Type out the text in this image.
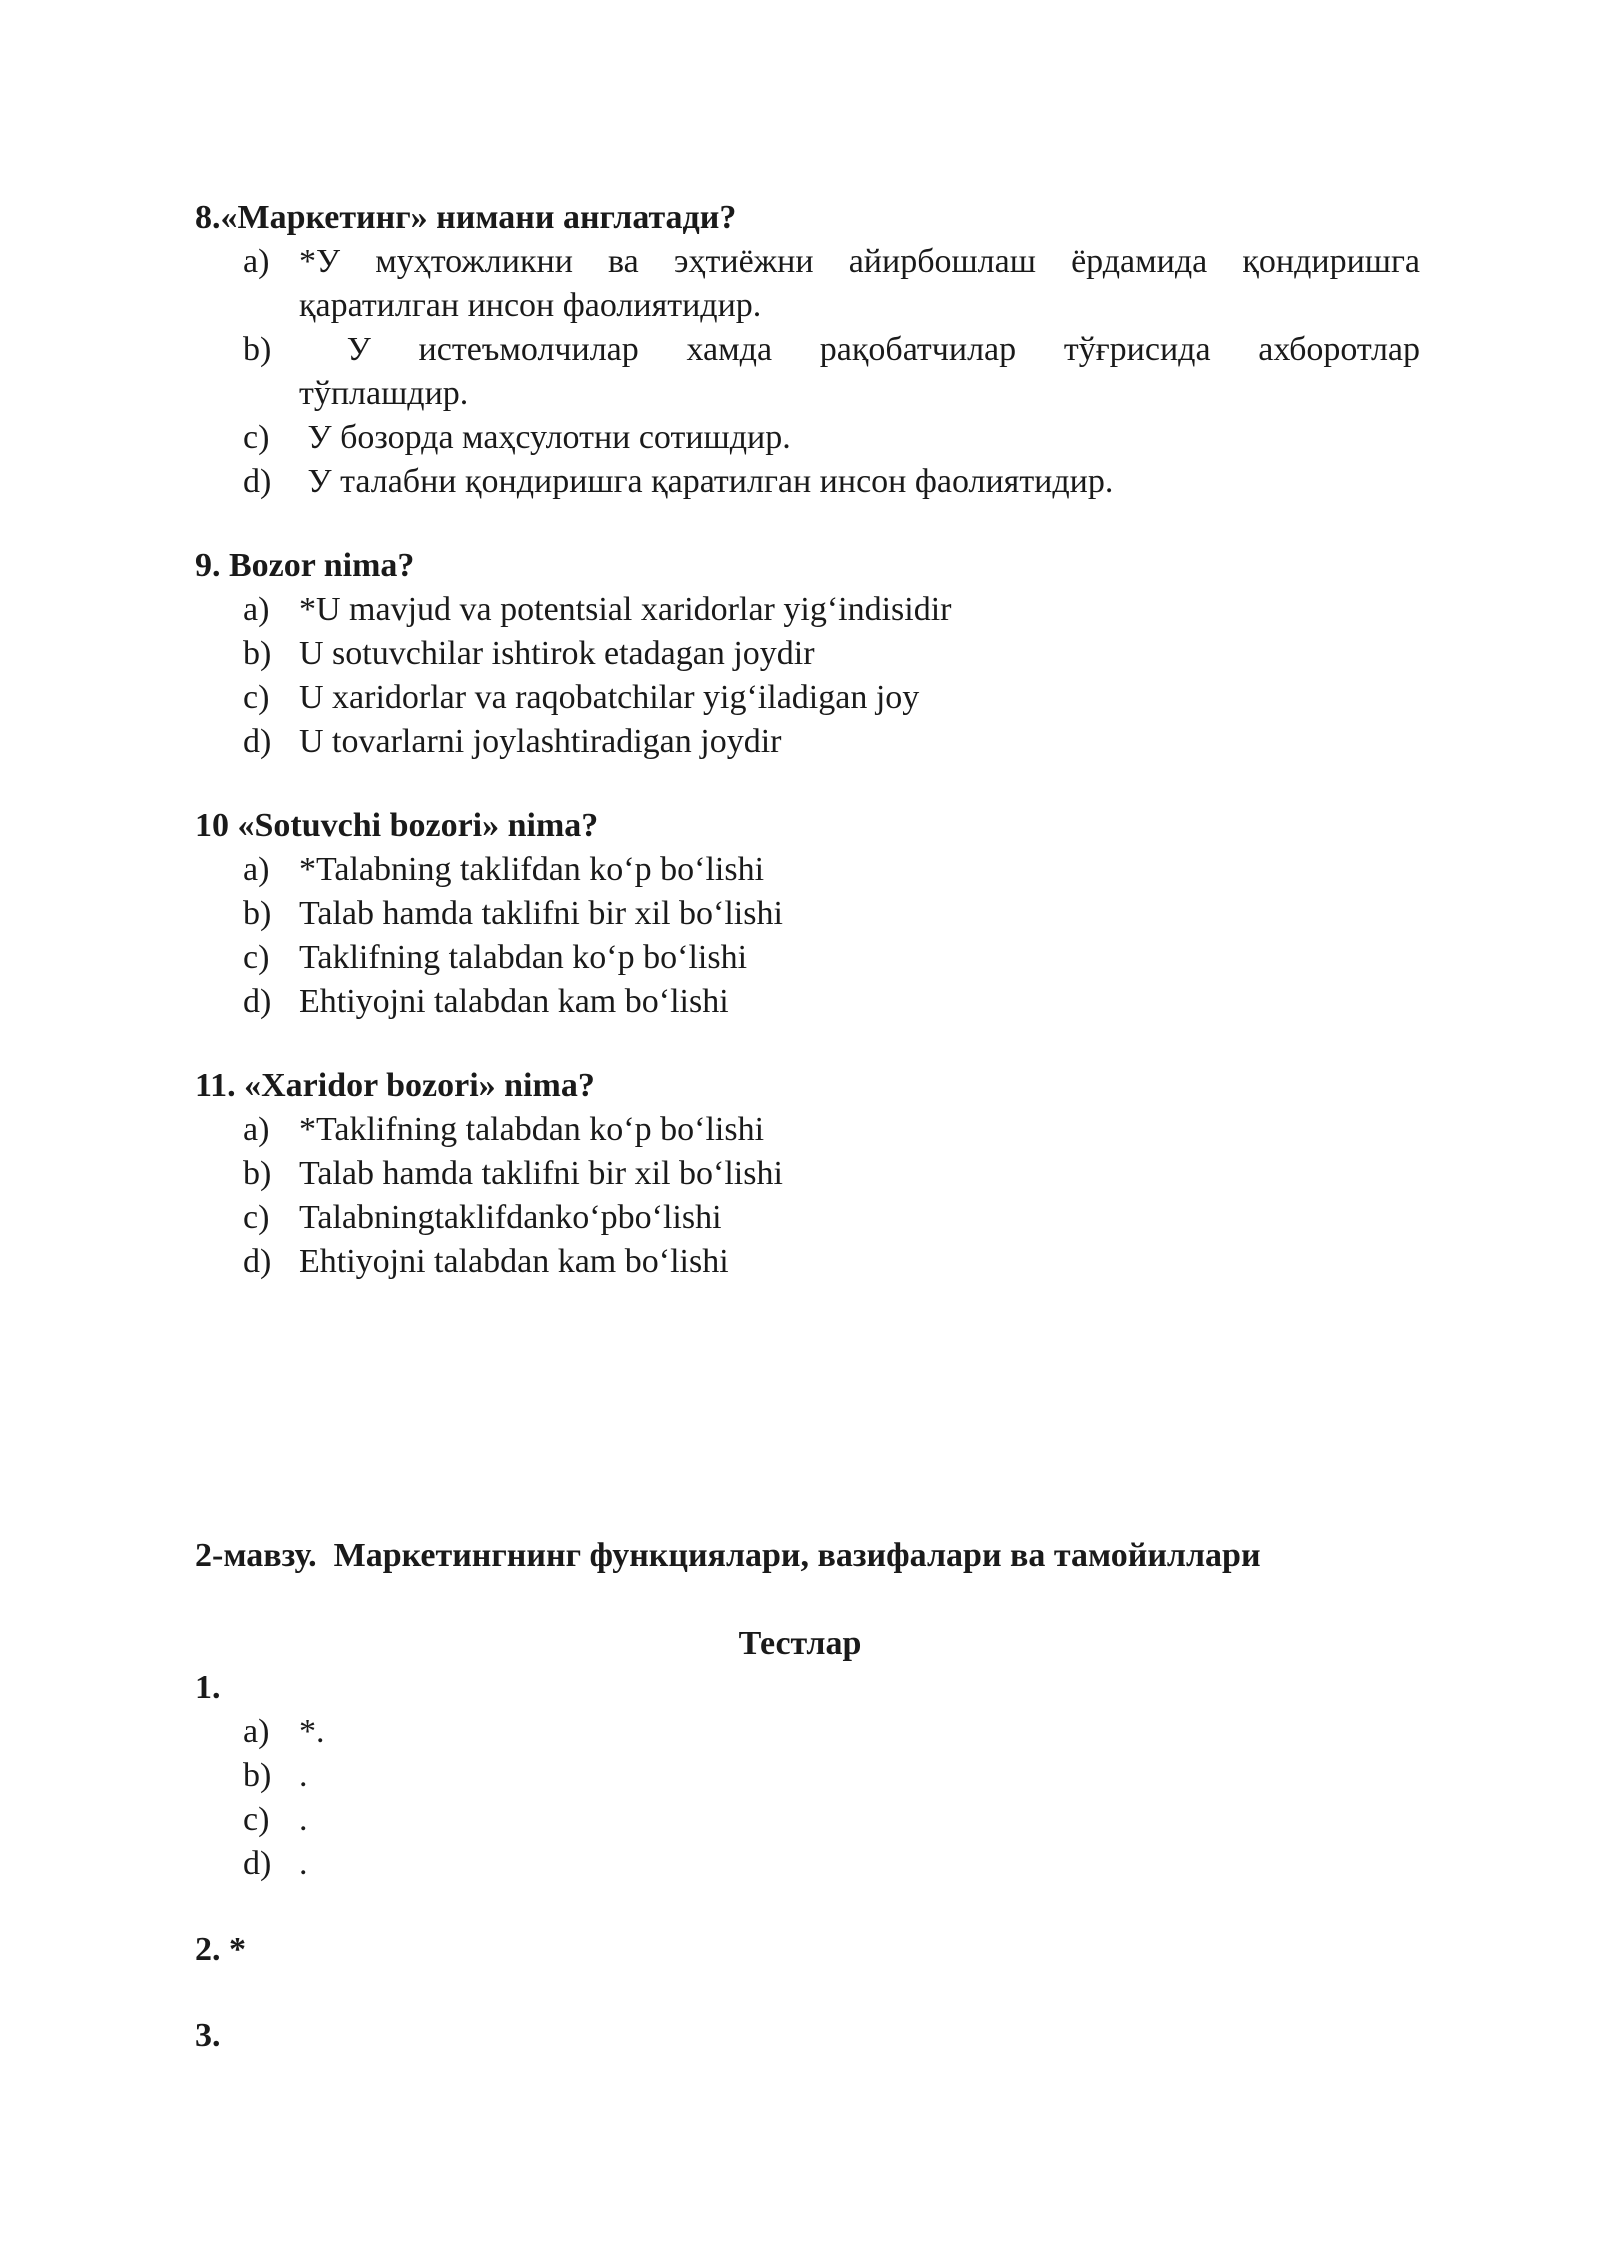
8.«Маркетинг» нимани англатади?
a) *У муҳтожликни ва эҳтиёжни айирбошлаш ёрдамида қондиришга
қаратилган инсон фаолиятидир.
b) У истеъмолчилар хамда рақобатчилар тўғрисида ахборотлар
тўплашдир.
c) У бозорда маҳсулотни сотишдир.
d) У талабни қондиришга қаратилган инсон фаолиятидир.
9. Bozor nima?
a) *U mavjud va potentsial xaridorlar yig‘indisidir
b) U sotuvchilar ishtirok etadagan joydir
c) U xaridorlar va raqobatchilar yig‘iladigan joy
d) U tovarlarni joylashtiradigan joydir
10 «Sotuvchi bozori» nima?
a) *Talabning taklifdan ko‘p bo‘lishi
b) Talab hamda taklifni bir xil bo‘lishi
c) Taklifning talabdan ko‘p bo‘lishi
d) Ehtiyojni talabdan kam bo‘lishi
11. «Xaridor bozori» nima?
a) *Taklifning talabdan ko‘p bo‘lishi
b) Talab hamda taklifni bir xil bo‘lishi
c) Talabningtaklifdanko‘pbo‘lishi
d) Ehtiyojni talabdan kam bo‘lishi
2-мавзу.  Маркетингнинг функциялари, вазифалари ва тамойиллари
Тестлар
1.
a) *.
b) .
c) .
d) .
2. *
3.
